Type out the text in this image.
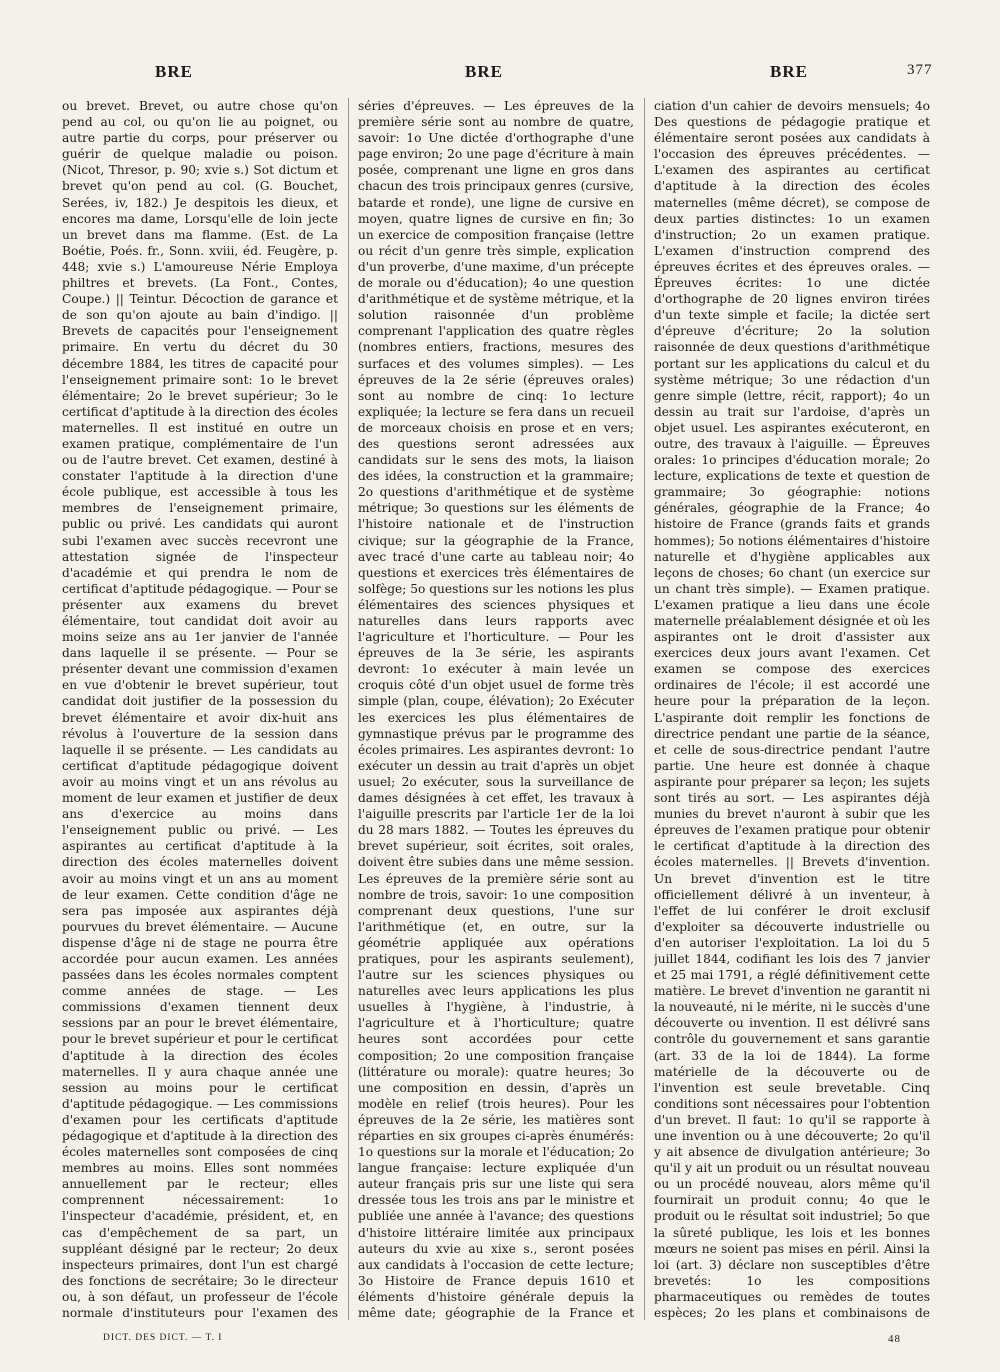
BRE	BRE	BRE	377

ou brevet. Brevet, ou autre chose qu'on pend au col, ou qu'on lie au poignet, ou autre partie du corps, pour préserver ou guérir de quelque maladie ou poison. (Nicot, Thresor, p. 90; xvie s.) Sot dictum et brevet qu'on pend au col. (G. Bouchet, Serées, iv, 182.) Je despitois les dieux, et encores ma dame, Lorsqu'elle de loin jecte un brevet dans ma flamme. (Est. de La Boétie, Poés. fr., Sonn. xviii, éd. Feugère, p. 448; xvie s.) L'amoureuse Nérie Employa philtres et brevets. (La Font., Contes, Coupe.) || Teintur. Décoction de garance et de son qu'on ajoute au bain d'indigo. || Brevets de capacités pour l'enseignement primaire. En vertu du décret du 30 décembre 1884, les titres de capacité pour l'enseignement primaire sont: 1o le brevet élémentaire; 2o le brevet supérieur; 3o le certificat d'aptitude à la direction des écoles maternelles. Il est institué en outre un examen pratique, complémentaire de l'un ou de l'autre brevet. Cet examen, destiné à constater l'aptitude à la direction d'une école publique, est accessible à tous les membres de l'enseignement primaire, public ou privé. Les candidats qui auront subi l'examen avec succès recevront une attestation signée de l'inspecteur d'académie et qui prendra le nom de certificat d'aptitude pédagogique. — Pour se présenter aux examens du brevet élémentaire, tout candidat doit avoir au moins seize ans au 1er janvier de l'année dans laquelle il se présente. — Pour se présenter devant une commission d'examen en vue d'obtenir le brevet supérieur, tout candidat doit justifier de la possession du brevet élémentaire et avoir dix-huit ans révolus à l'ouverture de la session dans laquelle il se présente. — Les candidats au certificat d'aptitude pédagogique doivent avoir au moins vingt et un ans révolus au moment de leur examen et justifier de deux ans d'exercice au moins dans l'enseignement public ou privé. — Les aspirantes au certificat d'aptitude à la direction des écoles maternelles doivent avoir au moins vingt et un ans au moment de leur examen. Cette condition d'âge ne sera pas imposée aux aspirantes déjà pourvues du brevet élémentaire. — Aucune dispense d'âge ni de stage ne pourra être accordée pour aucun examen. Les années passées dans les écoles normales comptent comme années de stage. — Les commissions d'examen tiennent deux sessions par an pour le brevet élémentaire, pour le brevet supérieur et pour le certificat d'aptitude à la direction des écoles maternelles. Il y aura chaque année une session au moins pour le certificat d'aptitude pédagogique. — Les commissions d'examen pour les certificats d'aptitude pédagogique et d'aptitude à la direction des écoles maternelles sont composées de cinq membres au moins. Elles sont nommées annuellement par le recteur; elles comprennent nécessairement: 1o l'inspecteur d'académie, président, et, en cas d'empêchement de sa part, un suppléant désigné par le recteur; 2o deux inspecteurs primaires, dont l'un est chargé des fonctions de secrétaire; 3o le directeur ou, à son défaut, un professeur de l'école normale d'instituteurs pour l'examen des

séries d'épreuves. — Les épreuves de la première série sont au nombre de quatre, savoir: 1o Une dictée d'orthographe d'une page environ; 2o une page d'écriture à main posée, comprenant une ligne en gros dans chacun des trois principaux genres (cursive, batarde et ronde), une ligne de cursive en moyen, quatre lignes de cursive en fin; 3o un exercice de composition française (lettre ou récit d'un genre très simple, explication d'un proverbe, d'une maxime, d'un précepte de morale ou d'éducation); 4o une question d'arithmétique et de système métrique, et la solution raisonnée d'un problème comprenant l'application des quatre règles (nombres entiers, fractions, mesures des surfaces et des volumes simples). — Les épreuves de la 2e série (épreuves orales) sont au nombre de cinq: 1o lecture expliquée; la lecture se fera dans un recueil de morceaux choisis en prose et en vers; des questions seront adressées aux candidats sur le sens des mots, la liaison des idées, la construction et la grammaire; 2o questions d'arithmétique et de système métrique; 3o questions sur les éléments de l'histoire nationale et de l'instruction civique; sur la géographie de la France, avec tracé d'une carte au tableau noir; 4o questions et exercices très élémentaires de solfège; 5o questions sur les notions les plus élémentaires des sciences physiques et naturelles dans leurs rapports avec l'agriculture et l'horticulture. — Pour les épreuves de la 3e série, les aspirants devront: 1o exécuter à main levée un croquis côté d'un objet usuel de forme très simple (plan, coupe, élévation); 2o Exécuter les exercices les plus élémentaires de gymnastique prévus par le programme des écoles primaires. Les aspirantes devront: 1o exécuter un dessin au trait d'après un objet usuel; 2o exécuter, sous la surveillance de dames désignées à cet effet, les travaux à l'aiguille prescrits par l'article 1er de la loi du 28 mars 1882. — Toutes les épreuves du brevet supérieur, soit écrites, soit orales, doivent être subies dans une même session. Les épreuves de la première série sont au nombre de trois, savoir: 1o une composition comprenant deux questions, l'une sur l'arithmétique (et, en outre, sur la géométrie appliquée aux opérations pratiques, pour les aspirants seulement), l'autre sur les sciences physiques ou naturelles avec leurs applications les plus usuelles à l'hygiène, à l'industrie, à l'agriculture et à l'horticulture; quatre heures sont accordées pour cette composition; 2o une composition française (littérature ou morale): quatre heures; 3o une composition en dessin, d'après un modèle en relief (trois heures). Pour les épreuves de la 2e série, les matières sont réparties en six groupes ci-après énumérés: 1o questions sur la morale et l'éducation; 2o langue française: lecture expliquée d'un auteur français pris sur une liste qui sera dressée tous les trois ans par le ministre et publiée une année à l'avance; des questions d'histoire littéraire limitée aux principaux auteurs du xvie au xixe s., seront posées aux candidats à l'occasion de cette lecture; 3o Histoire de France depuis 1610 et éléments d'histoire générale depuis la même date; géographie de la France et

ciation d'un cahier de devoirs mensuels; 4o Des questions de pédagogie pratique et élémentaire seront posées aux candidats à l'occasion des épreuves précédentes. — L'examen des aspirantes au certificat d'aptitude à la direction des écoles maternelles (même décret), se compose de deux parties distinctes: 1o un examen d'instruction; 2o un examen pratique. L'examen d'instruction comprend des épreuves écrites et des épreuves orales. — Épreuves écrites: 1o une dictée d'orthographe de 20 lignes environ tirées d'un texte simple et facile; la dictée sert d'épreuve d'écriture; 2o la solution raisonnée de deux questions d'arithmétique portant sur les applications du calcul et du système métrique; 3o une rédaction d'un genre simple (lettre, récit, rapport); 4o un dessin au trait sur l'ardoise, d'après un objet usuel. Les aspirantes exécuteront, en outre, des travaux à l'aiguille. — Épreuves orales: 1o principes d'éducation morale; 2o lecture, explications de texte et question de grammaire; 3o géographie: notions générales, géographie de la France; 4o histoire de France (grands faits et grands hommes); 5o notions élémentaires d'histoire naturelle et d'hygiène applicables aux leçons de choses; 6o chant (un exercice sur un chant très simple). — Examen pratique. L'examen pratique a lieu dans une école maternelle préalablement désignée et où les aspirantes ont le droit d'assister aux exercices deux jours avant l'examen. Cet examen se compose des exercices ordinaires de l'école; il est accordé une heure pour la préparation de la leçon. L'aspirante doit remplir les fonctions de directrice pendant une partie de la séance, et celle de sous-directrice pendant l'autre partie. Une heure est donnée à chaque aspirante pour préparer sa leçon; les sujets sont tirés au sort. — Les aspirantes déjà munies du brevet n'auront à subir que les épreuves de l'examen pratique pour obtenir le certificat d'aptitude à la direction des écoles maternelles. || Brevets d'invention. Un brevet d'invention est le titre officiellement délivré à un inventeur, à l'effet de lui conférer le droit exclusif d'exploiter sa découverte industrielle ou d'en autoriser l'exploitation. La loi du 5 juillet 1844, codifiant les lois des 7 janvier et 25 mai 1791, a réglé définitivement cette matière. Le brevet d'invention ne garantit ni la nouveauté, ni le mérite, ni le succès d'une découverte ou invention. Il est délivré sans contrôle du gouvernement et sans garantie (art. 33 de la loi de 1844). La forme matérielle de la découverte ou de l'invention est seule brevetable. Cinq conditions sont nécessaires pour l'obtention d'un brevet. Il faut: 1o qu'il se rapporte à une invention ou à une découverte; 2o qu'il y ait absence de divulgation antérieure; 3o qu'il y ait un produit ou un résultat nouveau ou un procédé nouveau, alors même qu'il fournirait un produit connu; 4o que le produit ou le résultat soit industriel; 5o que la sûreté publique, les lois et les bonnes mœurs ne soient pas mises en péril. Ainsi la loi (art. 3) déclare non susceptibles d'être brevetés: 1o les compositions pharmaceutiques ou remèdes de toutes espèces; 2o les plans et combinaisons de

DICT. DES DICT. — T. I	48
